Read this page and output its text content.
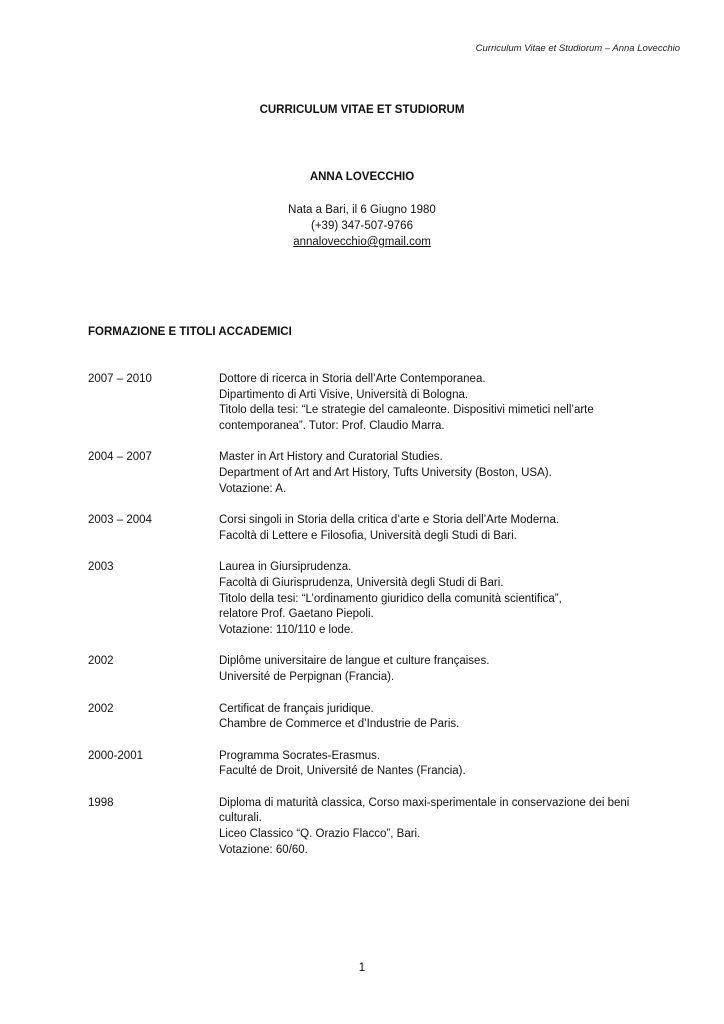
Curriculum Vitae et Studiorum – Anna Lovecchio
CURRICULUM VITAE ET STUDIORUM
ANNA LOVECCHIO
Nata a Bari, il 6 Giugno 1980
(+39) 347-507-9766
annalovecchio@gmail.com
FORMAZIONE E TITOLI ACCADEMICI
2007 – 2010	Dottore di ricerca in Storia dell’Arte Contemporanea.
Dipartimento di Arti Visive, Università di Bologna.
Titolo della tesi: “Le strategie del camaleonte. Dispositivi mimetici nell’arte
contemporanea”. Tutor: Prof. Claudio Marra.
2004 – 2007	Master in Art History and Curatorial Studies.
Department of Art and Art History, Tufts University (Boston, USA).
Votazione: A.
2003 – 2004	Corsi singoli in Storia della critica d’arte e Storia dell’Arte Moderna.
Facoltà di Lettere e Filosofia, Università degli Studi di Bari.
2003	Laurea in Giursiprudenza.
Facoltà di Giurisprudenza, Università degli Studi di Bari.
Titolo della tesi: “L’ordinamento giuridico della comunità scientifica”,
relatore Prof. Gaetano Piepoli.
Votazione: 110/110 e lode.
2002	Diplôme universitaire de langue et culture françaises.
Université de Perpignan (Francia).
2002	Certificat de français juridique.
Chambre de Commerce et d’Industrie de Paris.
2000-2001	Programma Socrates-Erasmus.
Faculté de Droit, Université de Nantes (Francia).
1998	Diploma di maturità classica, Corso maxi-sperimentale in conservazione dei beni
culturali.
Liceo Classico “Q. Orazio Flacco”, Bari.
Votazione: 60/60.
1
